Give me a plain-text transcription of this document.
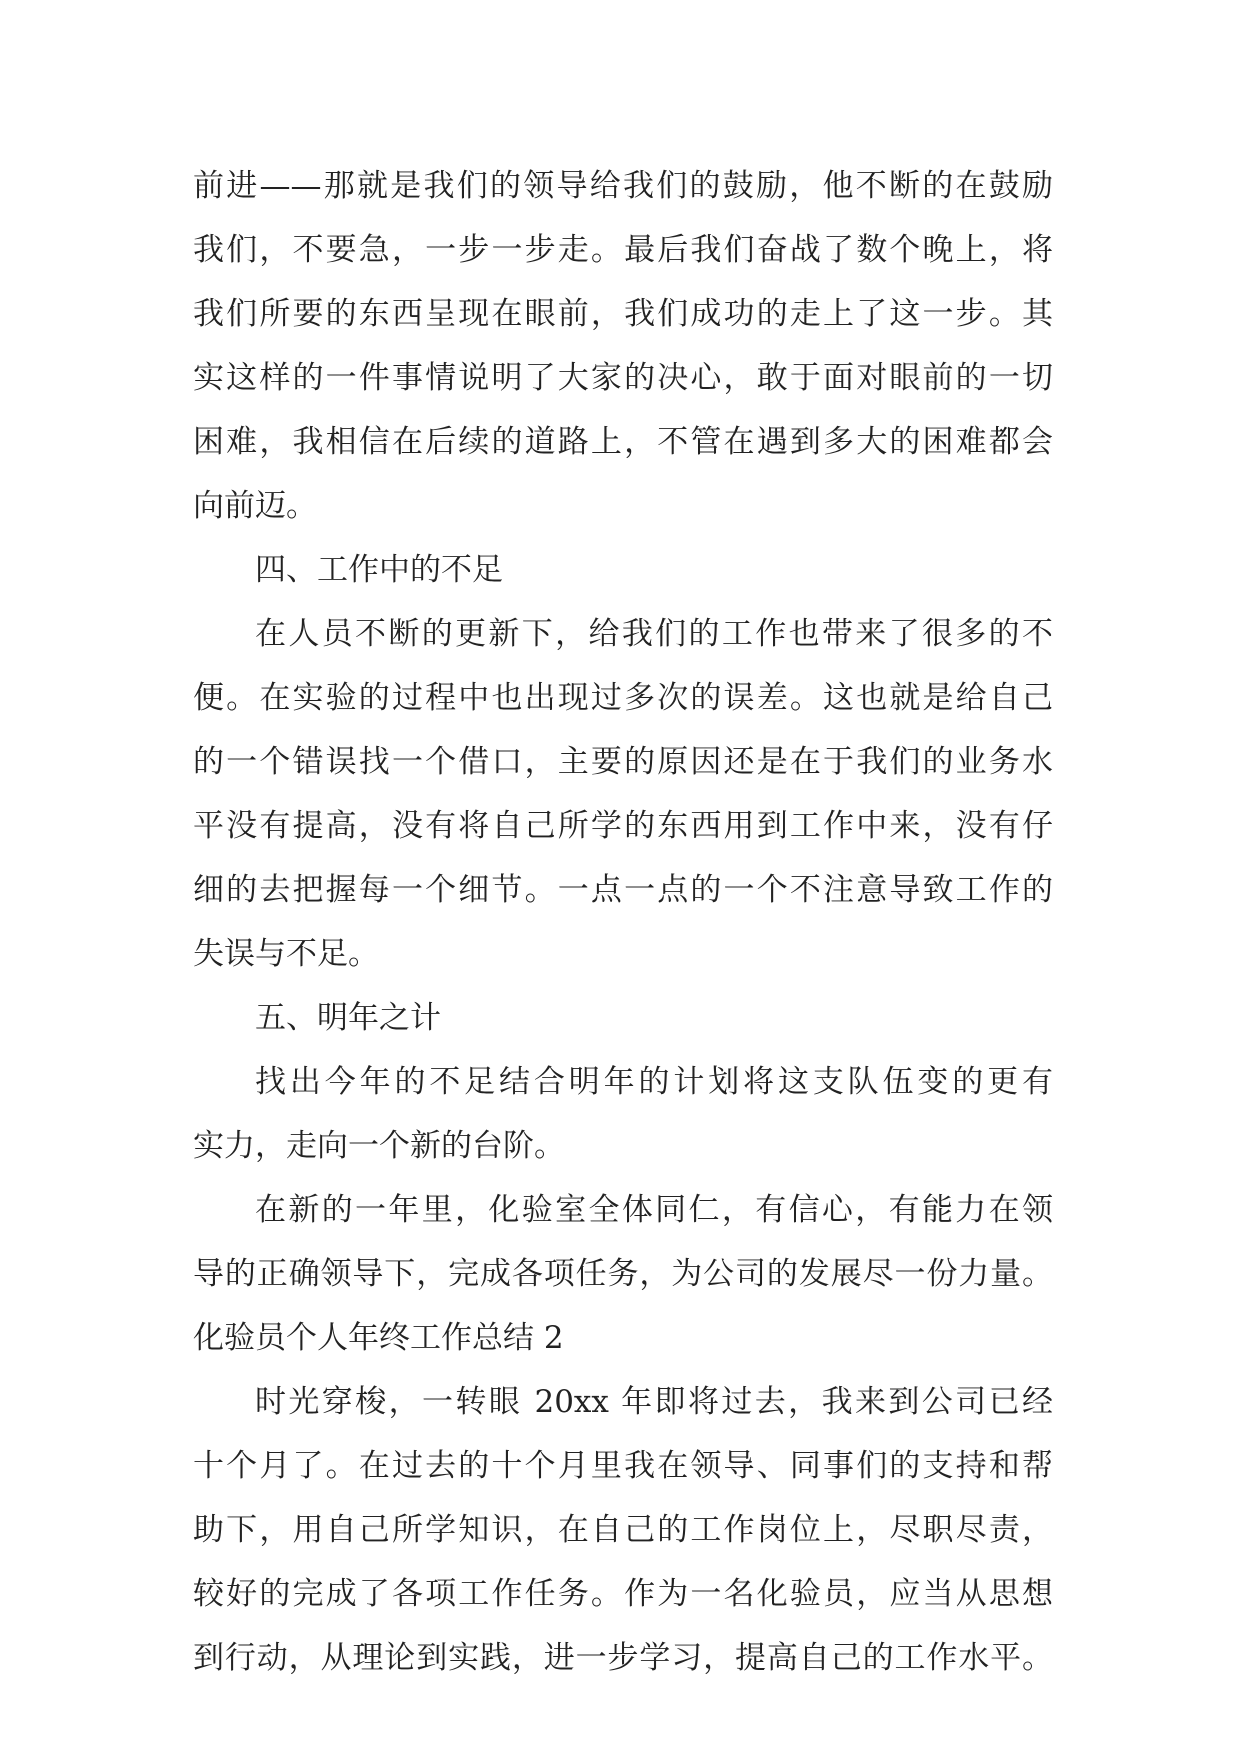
前进——那就是我们的领导给我们的鼓励，他不断的在鼓励
我们，不要急，一步一步走。最后我们奋战了数个晚上，将
我们所要的东西呈现在眼前，我们成功的走上了这一步。其
实这样的一件事情说明了大家的决心，敢于面对眼前的一切
困难，我相信在后续的道路上，不管在遇到多大的困难都会
向前迈。
四、工作中的不足
在人员不断的更新下，给我们的工作也带来了很多的不
便。在实验的过程中也出现过多次的误差。这也就是给自己
的一个错误找一个借口，主要的原因还是在于我们的业务水
平没有提高，没有将自己所学的东西用到工作中来，没有仔
细的去把握每一个细节。一点一点的一个不注意导致工作的
失误与不足。
五、明年之计
找出今年的不足结合明年的计划将这支队伍变的更有
实力，走向一个新的台阶。
在新的一年里，化验室全体同仁，有信心，有能力在领
导的正确领导下，完成各项任务，为公司的发展尽一份力量。
化验员个人年终工作总结 2
时光穿梭，一转眼 20xx 年即将过去，我来到公司已经
十个月了。在过去的十个月里我在领导、同事们的支持和帮
助下，用自己所学知识，在自己的工作岗位上，尽职尽责，
较好的完成了各项工作任务。作为一名化验员，应当从思想
到行动，从理论到实践，进一步学习，提高自己的工作水平。
